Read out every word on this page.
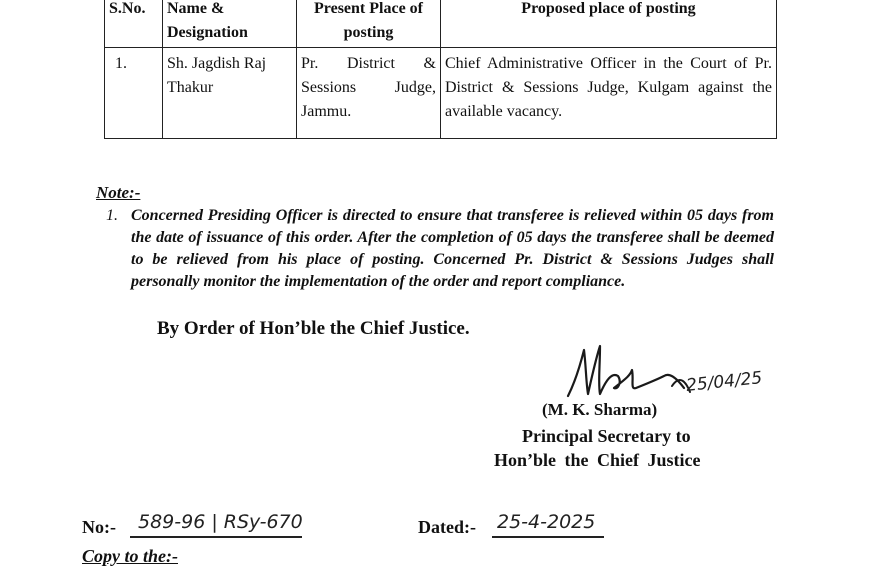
S.No.	Name & Designation	Present Place of posting	Proposed place of posting
1.	Sh. Jagdish Raj Thakur	Pr. District & Sessions Judge, Jammu.	Chief Administrative Officer in the Court of Pr. District & Sessions Judge, Kulgam against the available vacancy.
Note:-
1. Concerned Presiding Officer is directed to ensure that transferee is relieved within 05 days from the date of issuance of this order. After the completion of 05 days the transferee shall be deemed to be relieved from his place of posting. Concerned Pr. District & Sessions Judges shall personally monitor the implementation of the order and report compliance.
By Order of Hon’ble the Chief Justice.
25/04/25
(M. K. Sharma)
Principal Secretary to
Hon’ble the Chief Justice
No:- 589-96 | RSy-670	Dated:- 25-4-2025
Copy to the:-
